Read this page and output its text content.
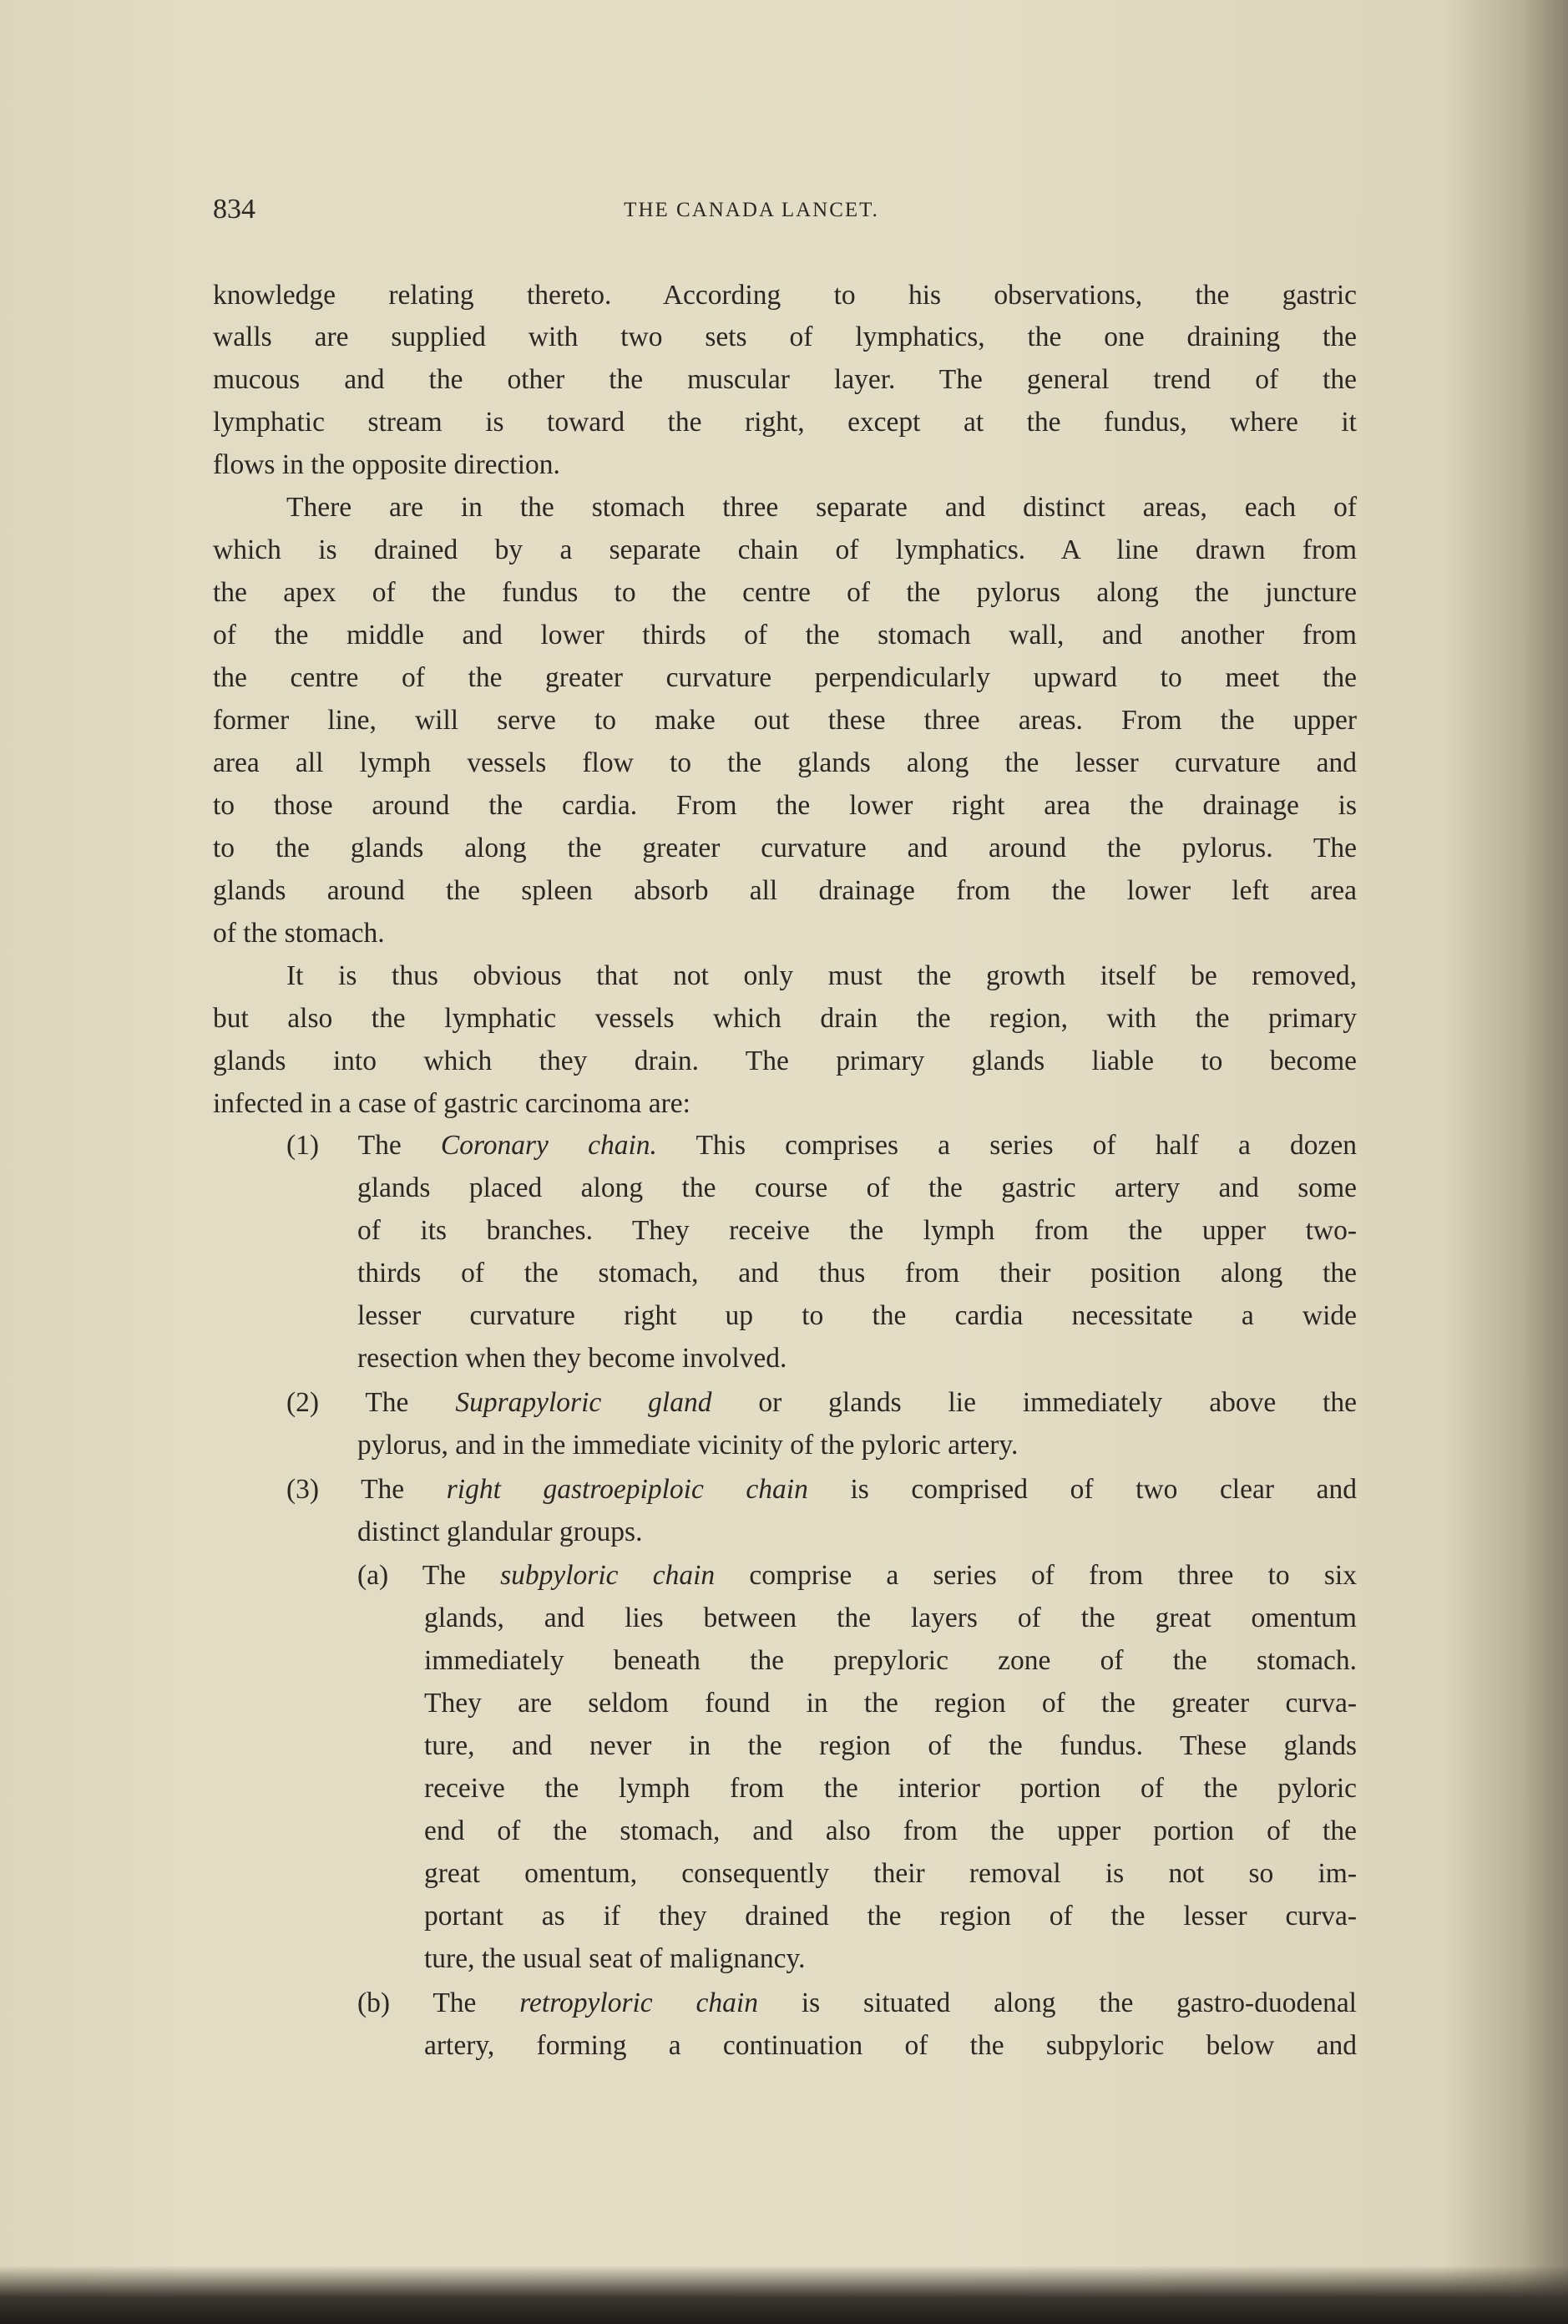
834	THE CANADA LANCET.
knowledge relating thereto. According to his observations, the gastric
walls are supplied with two sets of lymphatics, the one draining the
mucous and the other the muscular layer. The general trend of the
lymphatic stream is toward the right, except at the fundus, where it
flows in the opposite direction.
There are in the stomach three separate and distinct areas, each of
which is drained by a separate chain of lymphatics. A line drawn from
the apex of the fundus to the centre of the pylorus along the juncture
of the middle and lower thirds of the stomach wall, and another from
the centre of the greater curvature perpendicularly upward to meet the
former line, will serve to make out these three areas. From the upper
area all lymph vessels flow to the glands along the lesser curvature and
to those around the cardia. From the lower right area the drainage is
to the glands along the greater curvature and around the pylorus. The
glands around the spleen absorb all drainage from the lower left area
of the stomach.
It is thus obvious that not only must the growth itself be removed,
but also the lymphatic vessels which drain the region, with the primary
glands into which they drain. The primary glands liable to become
infected in a case of gastric carcinoma are:
(1) The Coronary chain. This comprises a series of half a dozen
glands placed along the course of the gastric artery and some
of its branches. They receive the lymph from the upper two-
thirds of the stomach, and thus from their position along the
lesser curvature right up to the cardia necessitate a wide
resection when they become involved.
(2) The Suprapyloric gland or glands lie immediately above the
pylorus, and in the immediate vicinity of the pyloric artery.
(3) The right gastroepiploic chain is comprised of two clear and
distinct glandular groups.
(a) The subpyloric chain comprise a series of from three to six
glands, and lies between the layers of the great omentum
immediately beneath the prepyloric zone of the stomach.
They are seldom found in the region of the greater curva-
ture, and never in the region of the fundus. These glands
receive the lymph from the interior portion of the pyloric
end of the stomach, and also from the upper portion of the
great omentum, consequently their removal is not so im-
portant as if they drained the region of the lesser curva-
ture, the usual seat of malignancy.
(b) The retropyloric chain is situated along the gastro-duodenal
artery, forming a continuation of the subpyloric below and
